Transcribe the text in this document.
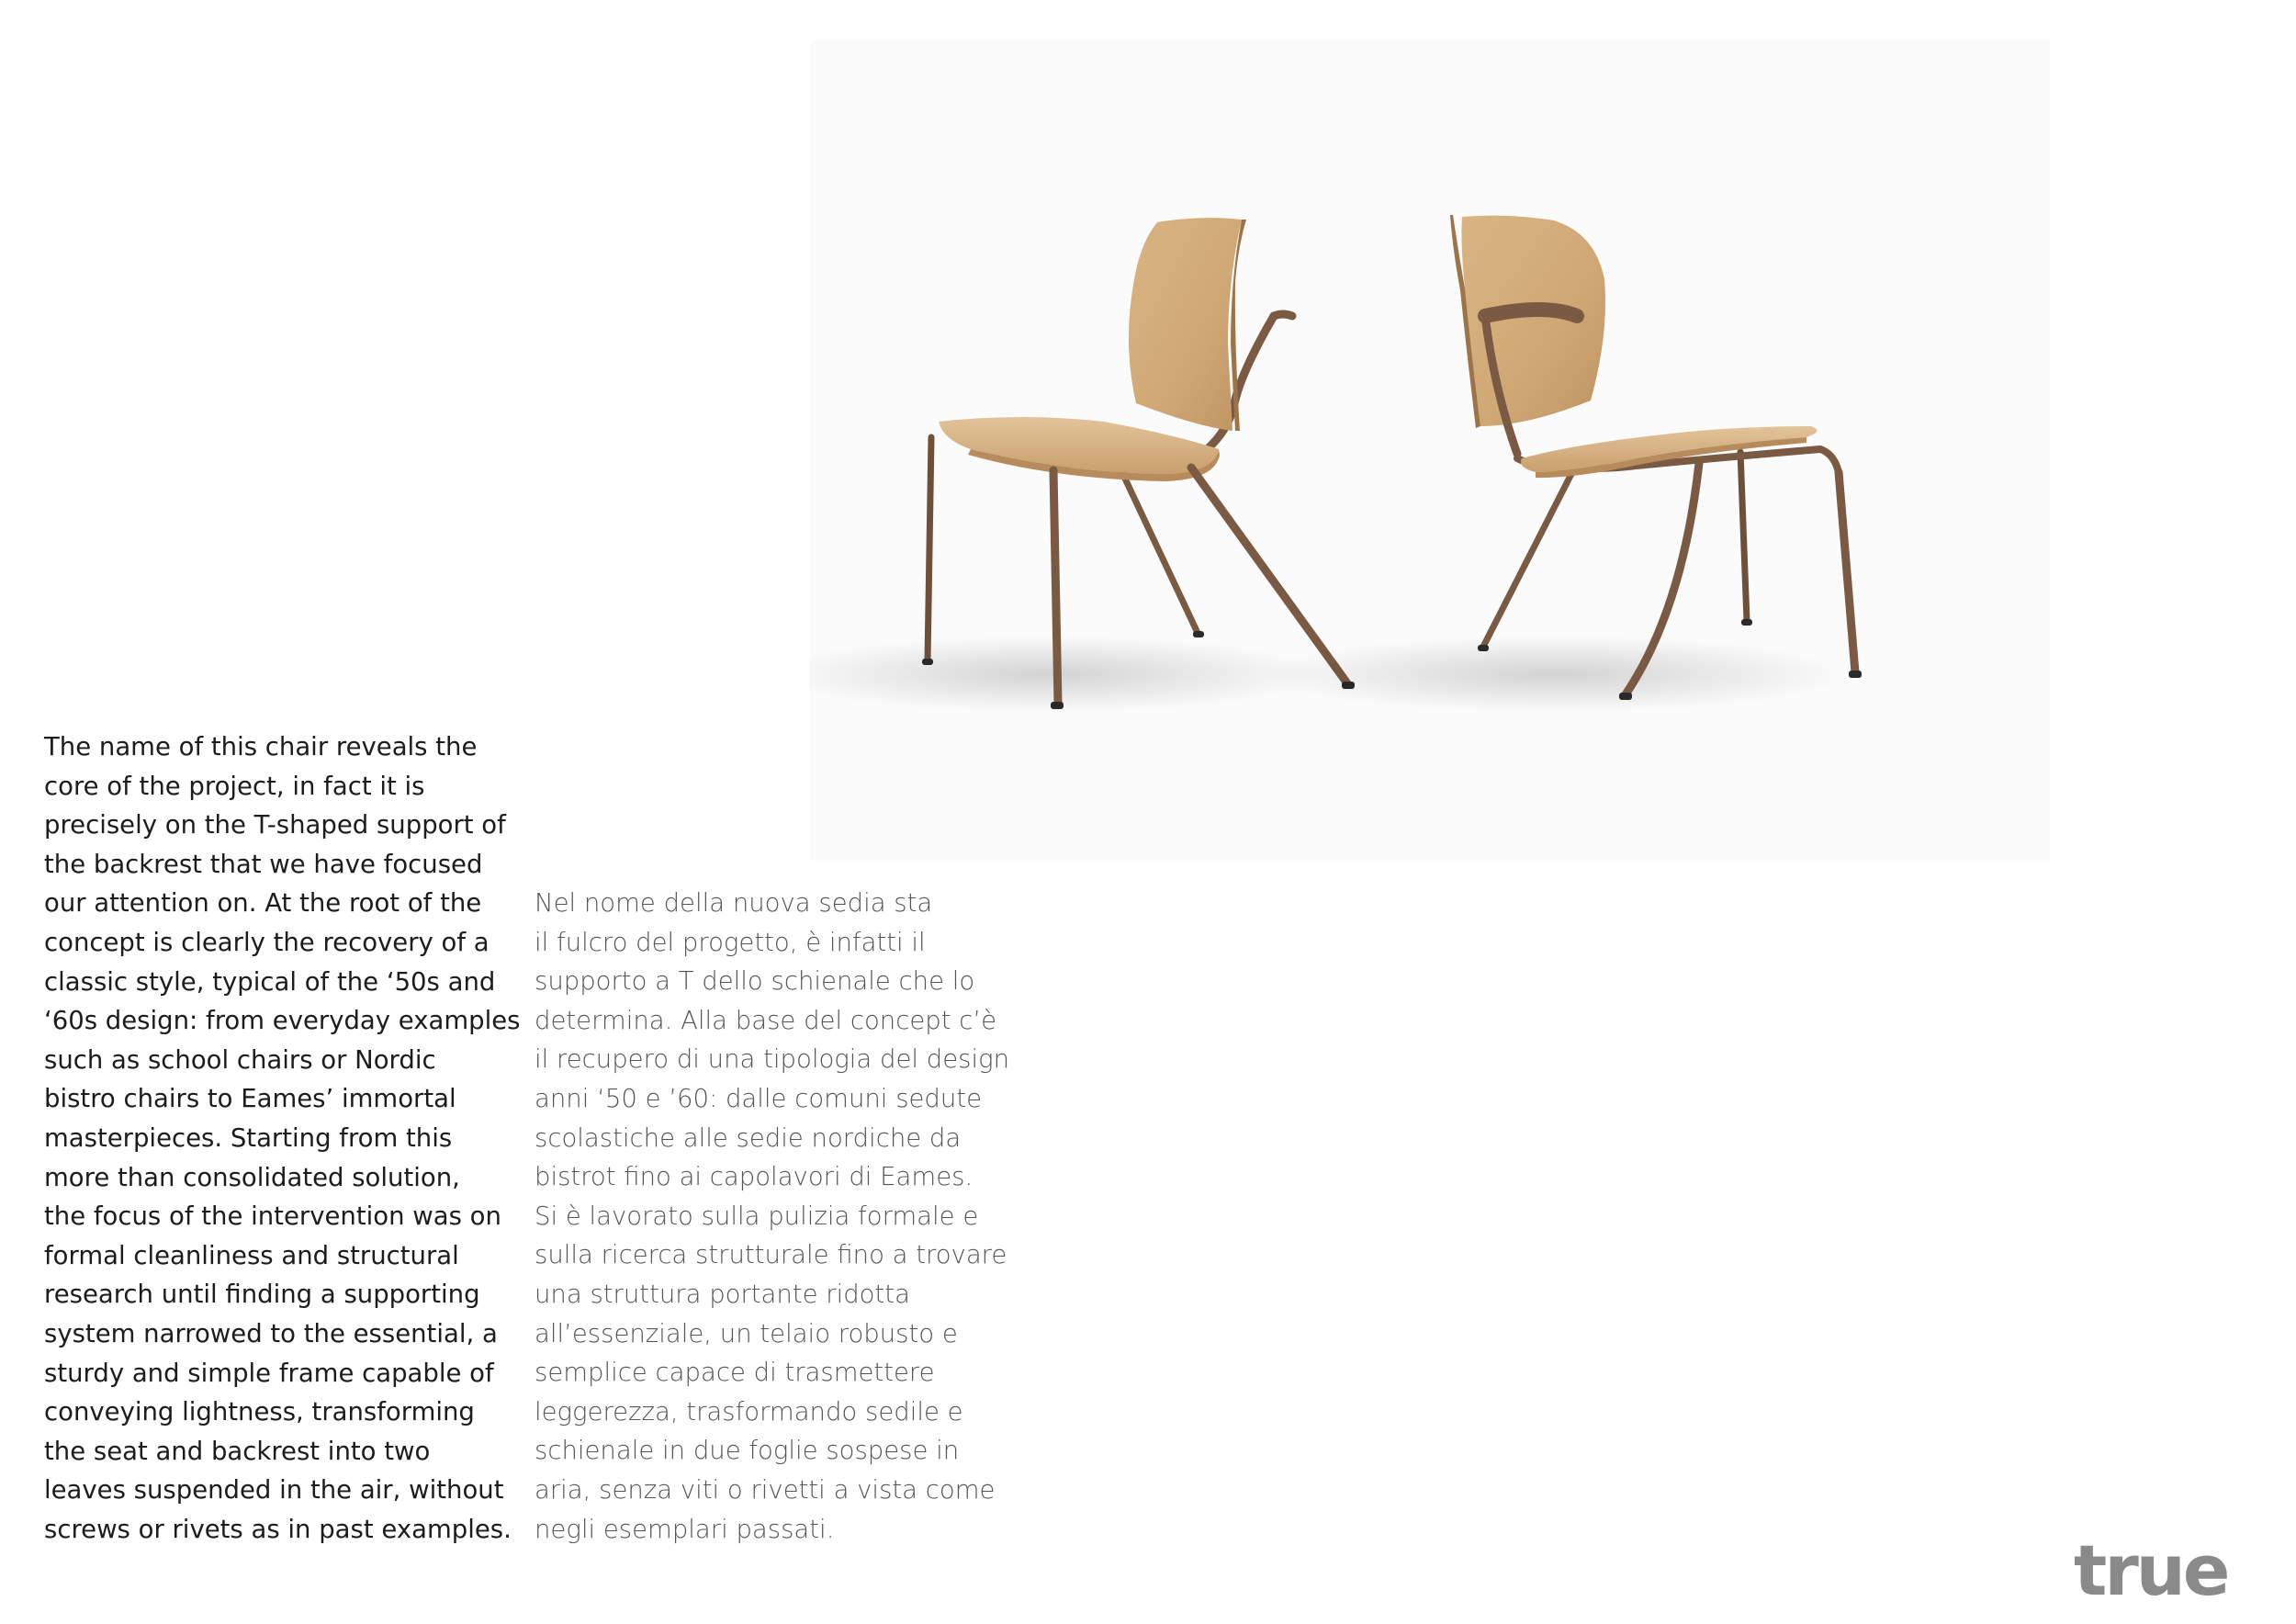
The name of this chair reveals the
core of the project, in fact it is
precisely on the T-shaped support of
the backrest that we have focused
our attention on. At the root of the
concept is clearly the recovery of a
classic style, typical of the ‘50s and
‘60s design: from everyday examples
such as school chairs or Nordic
bistro chairs to Eames’ immortal
masterpieces. Starting from this
more than consolidated solution,
the focus of the intervention was on
formal cleanliness and structural
research until finding a supporting
system narrowed to the essential, a
sturdy and simple frame capable of
conveying lightness, transforming
the seat and backrest into two
leaves suspended in the air, without
screws or rivets as in past examples.
Nel nome della nuova sedia sta
il fulcro del progetto, è infatti il
supporto a T dello schienale che lo
determina. Alla base del concept c’è
il recupero di una tipologia del design
anni ‘50 e ’60: dalle comuni sedute
scolastiche alle sedie nordiche da
bistrot fino ai capolavori di Eames.
Si è lavorato sulla pulizia formale e
sulla ricerca strutturale fino a trovare
una struttura portante ridotta
all’essenziale, un telaio robusto e
semplice capace di trasmettere
leggerezza, trasformando sedile e
schienale in due foglie sospese in
aria, senza viti o rivetti a vista come
negli esemplari passati.
true
